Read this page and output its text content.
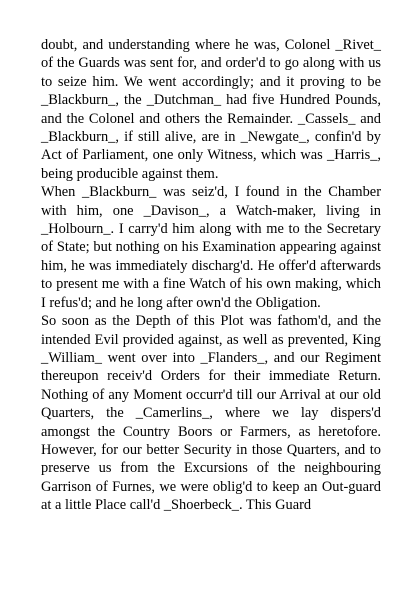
doubt, and understanding where he was, Colonel _Rivet_ of the Guards was sent for, and order'd to go along with us to seize him. We went accordingly; and it proving to be _Blackburn_, the _Dutchman_ had five Hundred Pounds, and the Colonel and others the Remainder. _Cassels_ and _Blackburn_, if still alive, are in _Newgate_, confin'd by Act of Parliament, one only Witness, which was _Harris_, being producible against them.

When _Blackburn_ was seiz'd, I found in the Chamber with him, one _Davison_, a Watch-maker, living in _Holbourn_. I carry'd him along with me to the Secretary of State; but nothing on his Examination appearing against him, he was immediately discharg'd. He offer'd afterwards to present me with a fine Watch of his own making, which I refus'd; and he long after own'd the Obligation.

So soon as the Depth of this Plot was fathom'd, and the intended Evil provided against, as well as prevented, King _William_ went over into _Flanders_, and our Regiment thereupon receiv'd Orders for their immediate Return. Nothing of any Moment occurr'd till our Arrival at our old Quarters, the _Camerlins_, where we lay dispers'd amongst the Country Boors or Farmers, as heretofore. However, for our better Security in those Quarters, and to preserve us from the Excursions of the neighbouring Garrison of Furnes, we were oblig'd to keep an Out-guard at a little Place call'd _Shoerbeck_. This Guard
